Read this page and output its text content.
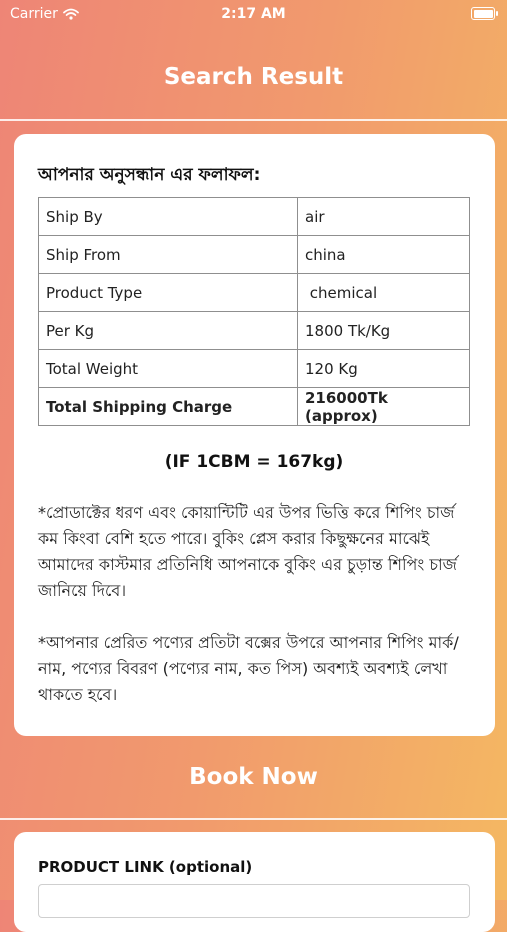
Carrier	2:17 AM
Search Result
আপনার অনুসন্ধান এর ফলাফল:
Ship By	air
Ship From	china
Product Type	chemical
Per Kg	1800 Tk/Kg
Total Weight	120 Kg
Total Shipping Charge	216000Tk (approx)
(IF 1CBM = 167kg)

*প্রোডাক্টের ধরণ এবং কোয়ান্টিটি এর উপর ভিত্তি করে শিপিং চার্জ কম কিংবা বেশি হতে পারে। বুকিং প্লেস করার কিছুক্ষনের মাঝেই আমাদের কাস্টমার প্রতিনিধি আপনাকে বুকিং এর চুড়ান্ত শিপিং চার্জ জানিয়ে দিবে।

*আপনার প্রেরিত পণ্যের প্রতিটা বক্সের উপরে আপনার শিপিং মার্ক/নাম, পণ্যের বিবরণ (পণ্যের নাম, কত পিস) অবশ্যই অবশ্যই লেখা থাকতে হবে।

Book Now
PRODUCT LINK (optional)
